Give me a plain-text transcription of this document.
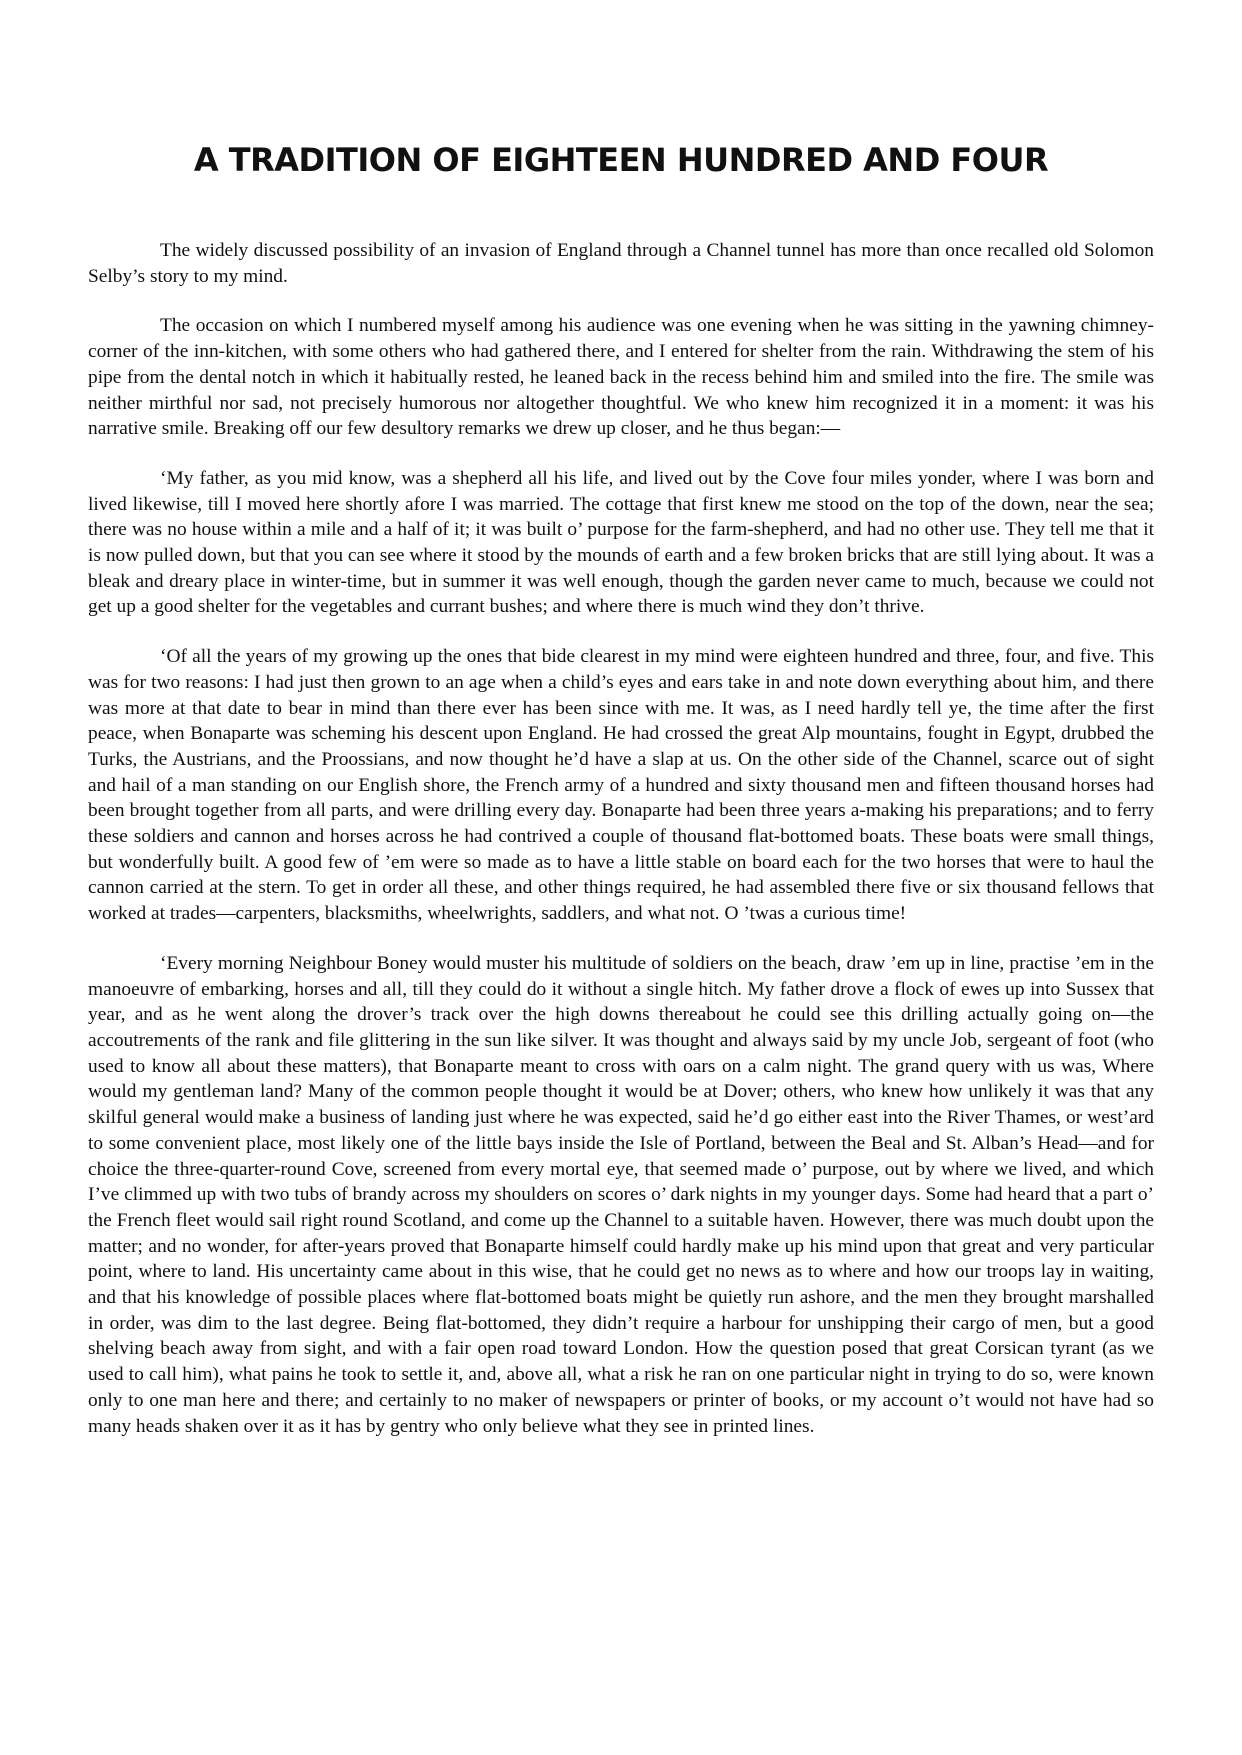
A TRADITION OF EIGHTEEN HUNDRED AND FOUR

The widely discussed possibility of an invasion of England through a Channel tunnel has more than once recalled old Solomon Selby’s story to my mind.

The occasion on which I numbered myself among his audience was one evening when he was sitting in the yawning chimney-corner of the inn-kitchen, with some others who had gathered there, and I entered for shelter from the rain. Withdrawing the stem of his pipe from the dental notch in which it habitually rested, he leaned back in the recess behind him and smiled into the fire. The smile was neither mirthful nor sad, not precisely humorous nor altogether thoughtful. We who knew him recognized it in a moment: it was his narrative smile. Breaking off our few desultory remarks we drew up closer, and he thus began:—

‘My father, as you mid know, was a shepherd all his life, and lived out by the Cove four miles yonder, where I was born and lived likewise, till I moved here shortly afore I was married. The cottage that first knew me stood on the top of the down, near the sea; there was no house within a mile and a half of it; it was built o’ purpose for the farm-shepherd, and had no other use. They tell me that it is now pulled down, but that you can see where it stood by the mounds of earth and a few broken bricks that are still lying about. It was a bleak and dreary place in winter-time, but in summer it was well enough, though the garden never came to much, because we could not get up a good shelter for the vegetables and currant bushes; and where there is much wind they don’t thrive.

‘Of all the years of my growing up the ones that bide clearest in my mind were eighteen hundred and three, four, and five. This was for two reasons: I had just then grown to an age when a child’s eyes and ears take in and note down everything about him, and there was more at that date to bear in mind than there ever has been since with me. It was, as I need hardly tell ye, the time after the first peace, when Bonaparte was scheming his descent upon England. He had crossed the great Alp mountains, fought in Egypt, drubbed the Turks, the Austrians, and the Proossians, and now thought he’d have a slap at us. On the other side of the Channel, scarce out of sight and hail of a man standing on our English shore, the French army of a hundred and sixty thousand men and fifteen thousand horses had been brought together from all parts, and were drilling every day. Bonaparte had been three years a-making his preparations; and to ferry these soldiers and cannon and horses across he had contrived a couple of thousand flat-bottomed boats. These boats were small things, but wonderfully built. A good few of ’em were so made as to have a little stable on board each for the two horses that were to haul the cannon carried at the stern. To get in order all these, and other things required, he had assembled there five or six thousand fellows that worked at trades—carpenters, blacksmiths, wheelwrights, saddlers, and what not. O ’twas a curious time!

‘Every morning Neighbour Boney would muster his multitude of soldiers on the beach, draw ’em up in line, practise ’em in the manoeuvre of embarking, horses and all, till they could do it without a single hitch. My father drove a flock of ewes up into Sussex that year, and as he went along the drover’s track over the high downs thereabout he could see this drilling actually going on—the accoutrements of the rank and file glittering in the sun like silver. It was thought and always said by my uncle Job, sergeant of foot (who used to know all about these matters), that Bonaparte meant to cross with oars on a calm night. The grand query with us was, Where would my gentleman land? Many of the common people thought it would be at Dover; others, who knew how unlikely it was that any skilful general would make a business of landing just where he was expected, said he’d go either east into the River Thames, or west’ard to some convenient place, most likely one of the little bays inside the Isle of Portland, between the Beal and St. Alban’s Head—and for choice the three-quarter-round Cove, screened from every mortal eye, that seemed made o’ purpose, out by where we lived, and which I’ve climmed up with two tubs of brandy across my shoulders on scores o’ dark nights in my younger days. Some had heard that a part o’ the French fleet would sail right round Scotland, and come up the Channel to a suitable haven. However, there was much doubt upon the matter; and no wonder, for after-years proved that Bonaparte himself could hardly make up his mind upon that great and very particular point, where to land. His uncertainty came about in this wise, that he could get no news as to where and how our troops lay in waiting, and that his knowledge of possible places where flat-bottomed boats might be quietly run ashore, and the men they brought marshalled in order, was dim to the last degree. Being flat-bottomed, they didn’t require a harbour for unshipping their cargo of men, but a good shelving beach away from sight, and with a fair open road toward London. How the question posed that great Corsican tyrant (as we used to call him), what pains he took to settle it, and, above all, what a risk he ran on one particular night in trying to do so, were known only to one man here and there; and certainly to no maker of newspapers or printer of books, or my account o’t would not have had so many heads shaken over it as it has by gentry who only believe what they see in printed lines.
